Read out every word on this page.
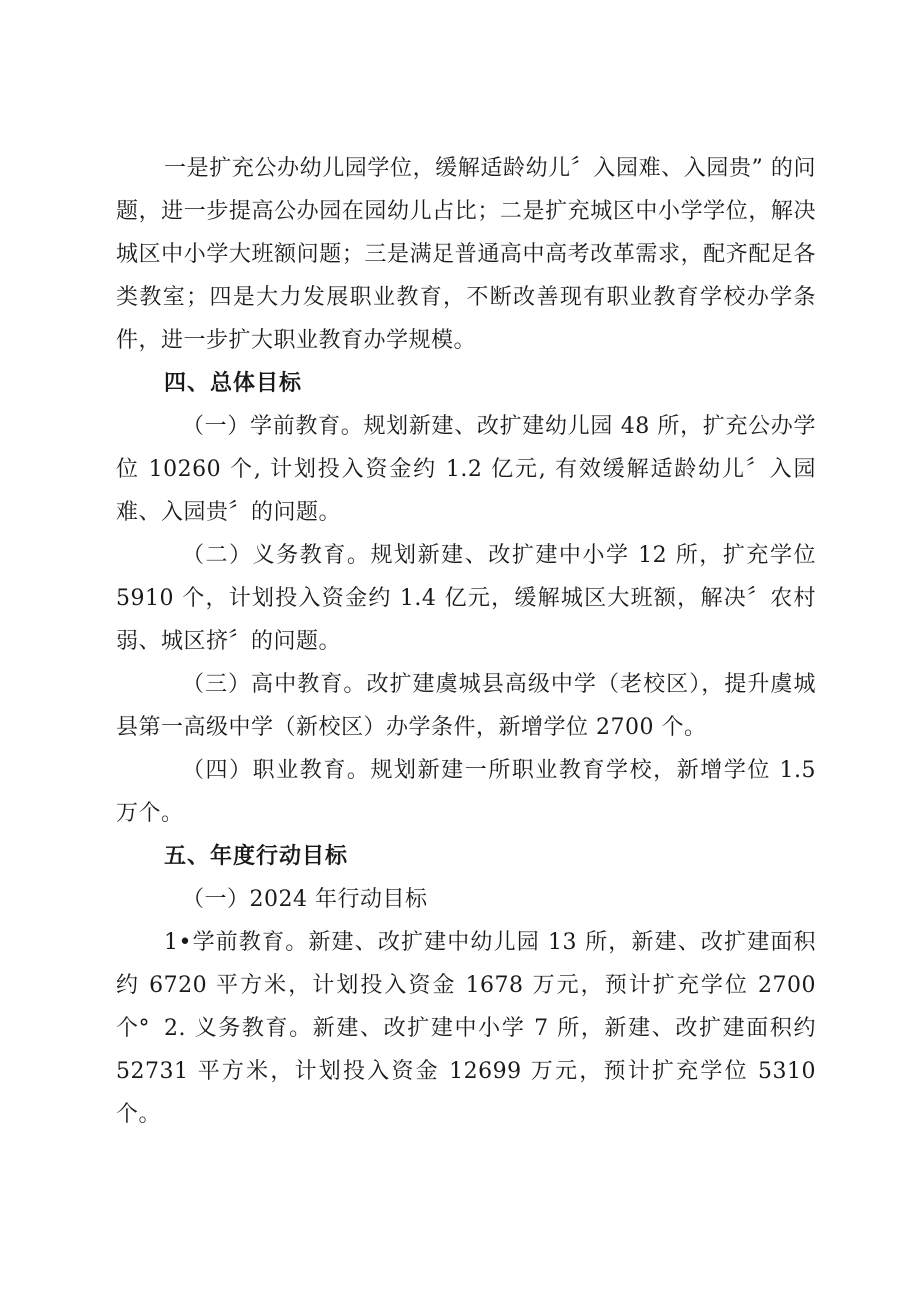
一是扩充公办幼儿园学位，缓解适龄幼儿〞入园难、入园贵” 的问题，进一步提高公办园在园幼儿占比；二是扩充城区中小学学位，解决城区中小学大班额问题；三是满足普通高中高考改革需求，配齐配足各类教室；四是大力发展职业教育，不断改善现有职业教育学校办学条件，进一步扩大职业教育办学规模。

四、总体目标

（一）学前教育。规划新建、改扩建幼儿园 48 所，扩充公办学位 10260 个, 计划投入资金约 1.2 亿元, 有效缓解适龄幼儿〞入园难、入园贵〞的问题。

（二）义务教育。规划新建、改扩建中小学 12 所，扩充学位 5910 个，计划投入资金约 1.4 亿元，缓解城区大班额，解决〞农村弱、城区挤〞的问题。

（三）高中教育。改扩建虞城县高级中学（老校区），提升虞城县第一高级中学（新校区）办学条件，新增学位 2700 个。

（四）职业教育。规划新建一所职业教育学校，新增学位 1.5 万个。

五、年度行动目标

（一）2024 年行动目标

1•学前教育。新建、改扩建中幼儿园 13 所，新建、改扩建面积约 6720 平方米，计划投入资金 1678 万元，预计扩充学位 2700 个° 2. 义务教育。新建、改扩建中小学 7 所，新建、改扩建面积约 52731 平方米，计划投入资金 12699 万元，预计扩充学位 5310 个。
